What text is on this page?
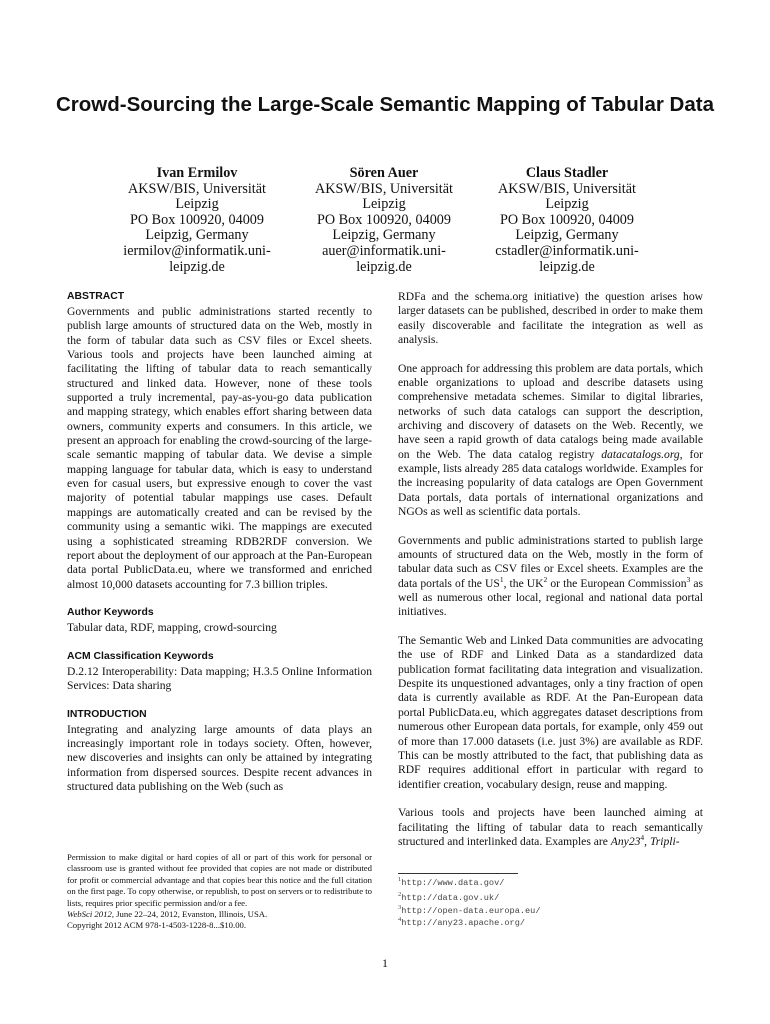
Crowd-Sourcing the Large-Scale Semantic Mapping of Tabular Data
Ivan Ermilov
AKSW/BIS, Universität
Leipzig
PO Box 100920, 04009
Leipzig, Germany
iermilov@informatik.uni-
leipzig.de
Sören Auer
AKSW/BIS, Universität
Leipzig
PO Box 100920, 04009
Leipzig, Germany
auer@informatik.uni-
leipzig.de
Claus Stadler
AKSW/BIS, Universität
Leipzig
PO Box 100920, 04009
Leipzig, Germany
cstadler@informatik.uni-
leipzig.de
ABSTRACT

Governments and public administrations started recently to publish large amounts of structured data on the Web, mostly in the form of tabular data such as CSV files or Excel sheets. Various tools and projects have been launched aiming at facilitating the lifting of tabular data to reach semantically structured and linked data. However, none of these tools supported a truly incremental, pay-as-you-go data publication and mapping strategy, which enables effort sharing between data owners, community experts and consumers. In this article, we present an approach for enabling the crowd-sourcing of the large-scale semantic mapping of tabular data. We devise a simple mapping language for tabular data, which is easy to understand even for casual users, but expressive enough to cover the vast majority of potential tabular mappings use cases. Default mappings are automatically created and can be revised by the community using a semantic wiki. The mappings are executed using a sophisticated streaming RDB2RDF conversion. We report about the deployment of our approach at the Pan-European data portal PublicData.eu, where we transformed and enriched almost 10,000 datasets accounting for 7.3 billion triples.

Author Keywords

Tabular data, RDF, mapping, crowd-sourcing

ACM Classification Keywords

D.2.12 Interoperability: Data mapping; H.3.5 Online Information Services: Data sharing

INTRODUCTION

Integrating and analyzing large amounts of data plays an increasingly important role in todays society. Often, however, new discoveries and insights can only be attained by integrating information from dispersed sources. Despite recent advances in structured data publishing on the Web (such as

Permission to make digital or hard copies of all or part of this work for personal or classroom use is granted without fee provided that copies are not made or distributed for profit or commercial advantage and that copies bear this notice and the full citation on the first page. To copy otherwise, or republish, to post on servers or to redistribute to lists, requires prior specific permission and/or a fee.

WebSci 2012, June 22–24, 2012, Evanston, Illinois, USA.

Copyright 2012 ACM 978-1-4503-1228-8...$10.00.

RDFa and the schema.org initiative) the question arises how larger datasets can be published, described in order to make them easily discoverable and facilitate the integration as well as analysis.

One approach for addressing this problem are data portals, which enable organizations to upload and describe datasets using comprehensive metadata schemes. Similar to digital libraries, networks of such data catalogs can support the description, archiving and discovery of datasets on the Web. Recently, we have seen a rapid growth of data catalogs being made available on the Web. The data catalog registry datacatalogs.org, for example, lists already 285 data catalogs worldwide. Examples for the increasing popularity of data catalogs are Open Government Data portals, data portals of international organizations and NGOs as well as scientific data portals.

Governments and public administrations started to publish large amounts of structured data on the Web, mostly in the form of tabular data such as CSV files or Excel sheets. Examples are the data portals of the $US^1$, the $UK^2$ or the European Commission$^3$ as well as numerous other local, regional and national data portal initiatives.

The Semantic Web and Linked Data communities are advocating the use of RDF and Linked Data as a standardized data publication format facilitating data integration and visualization. Despite its unquestioned advantages, only a tiny fraction of open data is currently available as RDF. At the Pan-European data portal PublicData.eu, which aggregates dataset descriptions from numerous other European data portals, for example, only 459 out of more than 17.000 datasets (i.e. just 3%) are available as RDF. This can be mostly attributed to the fact, that publishing data as RDF requires additional effort in particular with regard to identifier creation, vocabulary design, reuse and mapping.

Various tools and projects have been launched aiming at facilitating the lifting of tabular data to reach semantically structured and interlinked data. Examples are $Any23^4$, Tripli-

$^1$http://www.data.gov/
$^2$http://data.gov.uk/
$^3$http://open-data.europa.eu/
$^4$http://any23.apache.org/
1
